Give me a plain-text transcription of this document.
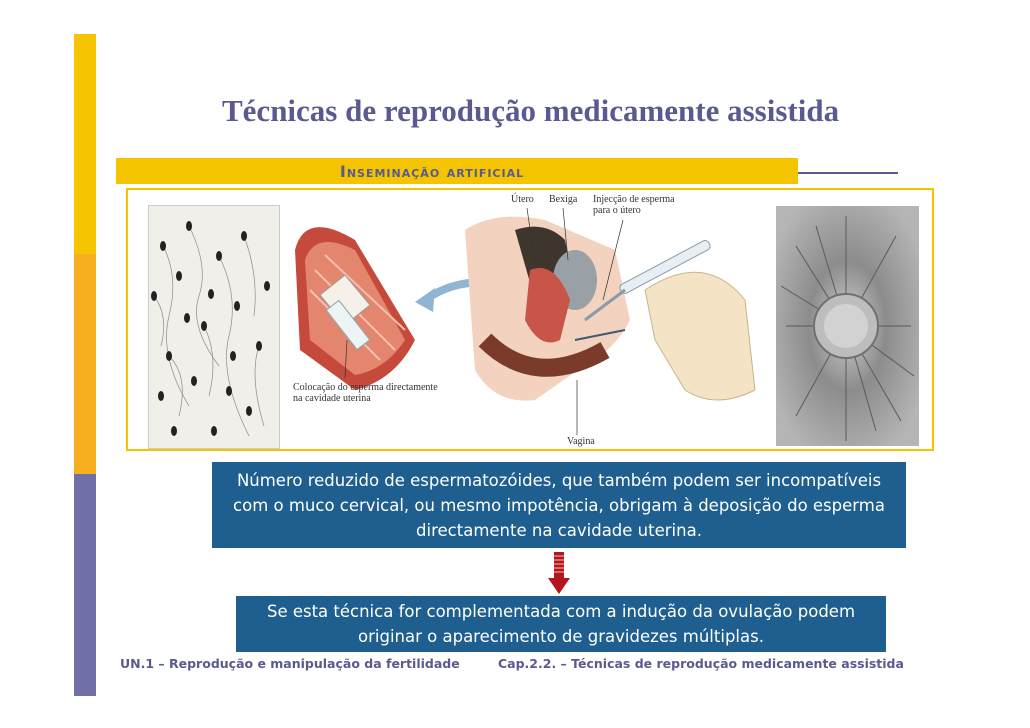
Técnicas de reprodução medicamente assistida
Inseminação artificial
Útero Bexiga Injecção de esperma para o útero
Colocação do esperma directamente na cavidade uterina
Vagina
Número reduzido de espermatozóides, que também podem ser incompatíveis com o muco cervical, ou mesmo impotência, obrigam à deposição do esperma directamente na cavidade uterina.
Se esta técnica for complementada com a indução da ovulação podem originar o aparecimento de gravidezes múltiplas.
UN.1 – Reprodução e manipulação da fertilidade	Cap.2.2. – Técnicas de reprodução medicamente assistida
